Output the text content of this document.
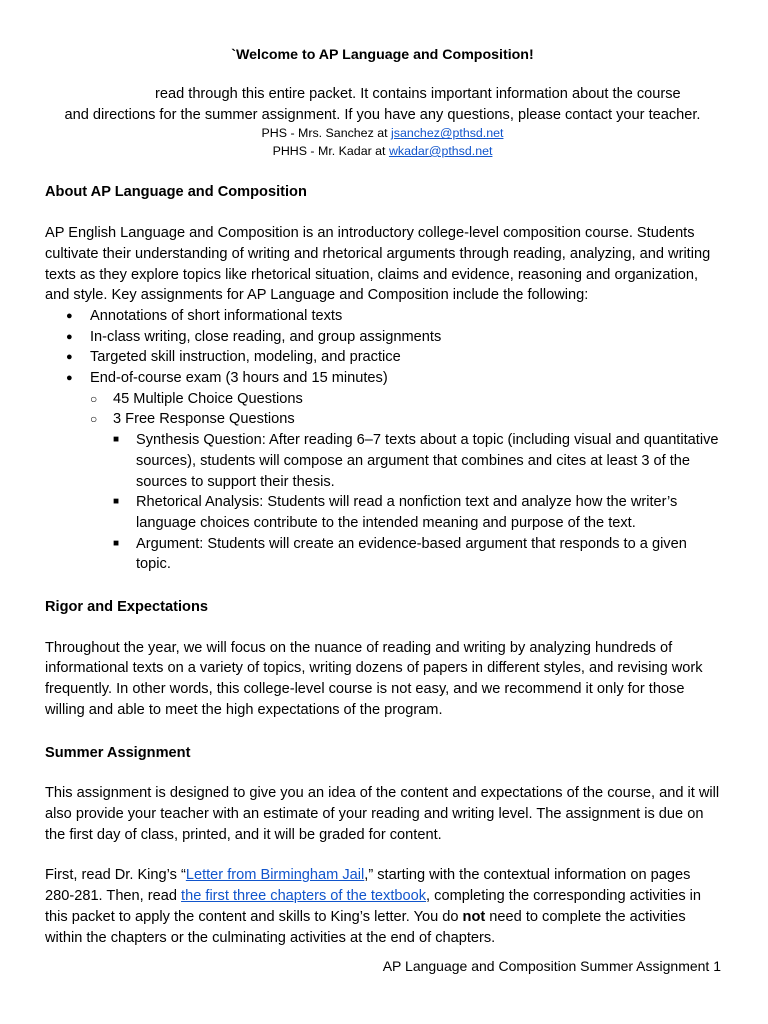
`Welcome to AP Language and Composition!

read through this entire packet. It contains important information about the course

and directions for the summer assignment. If you have any questions, please contact your teacher.

PHS - Mrs. Sanchez at jsanchez@pthsd.net
PHHS - Mr. Kadar at wkadar@pthsd.net
About AP Language and Composition

AP English Language and Composition is an introductory college-level composition course. Students cultivate their understanding of writing and rhetorical arguments through reading, analyzing, and writing texts as they explore topics like rhetorical situation, claims and evidence, reasoning and organization, and style. Key assignments for AP Language and Composition include the following:

● Annotations of short informational texts
● In-class writing, close reading, and group assignments
● Targeted skill instruction, modeling, and practice
● End-of-course exam (3 hours and 15 minutes)
○ 45 Multiple Choice Questions
○ 3 Free Response Questions
■ Synthesis Question: After reading 6–7 texts about a topic (including visual and quantitative sources), students will compose an argument that combines and cites at least 3 of the sources to support their thesis.
■ Rhetorical Analysis: Students will read a nonfiction text and analyze how the writer’s language choices contribute to the intended meaning and purpose of the text.
■ Argument: Students will create an evidence-based argument that responds to a given topic.
Rigor and Expectations

Throughout the year, we will focus on the nuance of reading and writing by analyzing hundreds of informational texts on a variety of topics, writing dozens of papers in different styles, and revising work frequently. In other words, this college-level course is not easy, and we recommend it only for those willing and able to meet the high expectations of the program.

Summer Assignment

This assignment is designed to give you an idea of the content and expectations of the course, and it will also provide your teacher with an estimate of your reading and writing level. The assignment is due on the first day of class, printed, and it will be graded for content.

First, read Dr. King’s “Letter from Birmingham Jail,” starting with the contextual information on pages 280-281. Then, read the first three chapters of the textbook, completing the corresponding activities in this packet to apply the content and skills to King’s letter. You do not need to complete the activities within the chapters or the culminating activities at the end of chapters.

AP Language and Composition Summer Assignment 1
